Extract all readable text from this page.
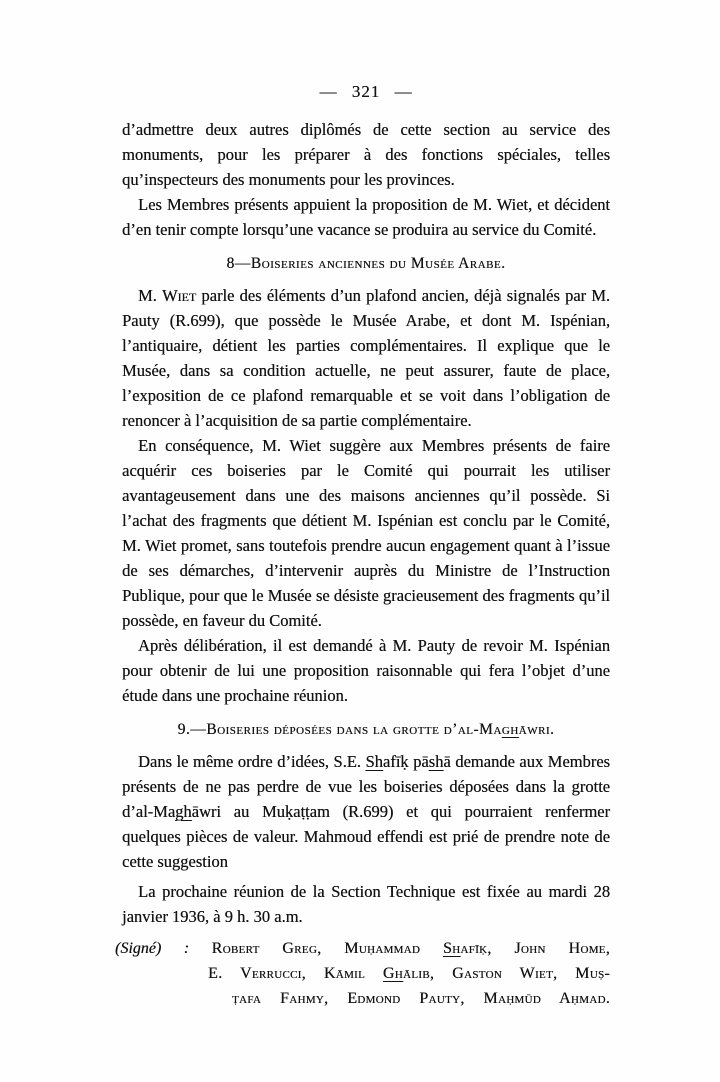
— 321 —

d’admettre deux autres diplômés de cette section au service des monuments, pour les préparer à des fonctions spéciales, telles qu’inspecteurs des monuments pour les provinces.

Les Membres présents appuient la proposition de M. Wiet, et décident d’en tenir compte lorsqu’une vacance se produira au service du Comité.

8—Boiseries anciennes du Musée Arabe.

M. Wiet parle des éléments d’un plafond ancien, déjà signalés par M. Pauty (R.699), que possède le Musée Arabe, et dont M. Ispénian, l’antiquaire, détient les parties complémentaires. Il explique que le Musée, dans sa condition actuelle, ne peut assurer, faute de place, l’exposition de ce plafond remarquable et se voit dans l’obligation de renoncer à l’acquisition de sa partie complémentaire.

En conséquence, M. Wiet suggère aux Membres présents de faire acquérir ces boiseries par le Comité qui pourrait les utiliser avantageusement dans une des maisons anciennes qu’il possède. Si l’achat des fragments que détient M. Ispénian est conclu par le Comité, M. Wiet promet, sans toutefois prendre aucun engagement quant à l’issue de ses démarches, d’intervenir auprès du Ministre de l’Instruction Publique, pour que le Musée se désiste gracieusement des fragments qu’il possède, en faveur du Comité.

Après délibération, il est demandé à M. Pauty de revoir M. Ispénian pour obtenir de lui une proposition raisonnable qui fera l’objet d’une étude dans une prochaine réunion.

9.—Boiseries déposées dans la grotte d’al-Maghāwri.

Dans le même ordre d’idées, S.E. Shafīḳ pāshā demande aux Membres présents de ne pas perdre de vue les boiseries déposées dans la grotte d’al-Maghāwri au Muḳaṭṭam (R.699) et qui pourraient renfermer quelques pièces de valeur. Mahmoud effendi est prié de prendre note de cette suggestion

La prochaine réunion de la Section Technique est fixée au mardi 28 janvier 1936, à 9 h. 30 a.m.

(Signé) : Robert Greg, Muḥammad Shafīḳ, John Home,
E. Verrucci, Kāmil Ghālib, Gaston Wiet, Muṣ-
ṭafa Fahmy, Edmond Pauty, Maḥmūd Aḥmad.
